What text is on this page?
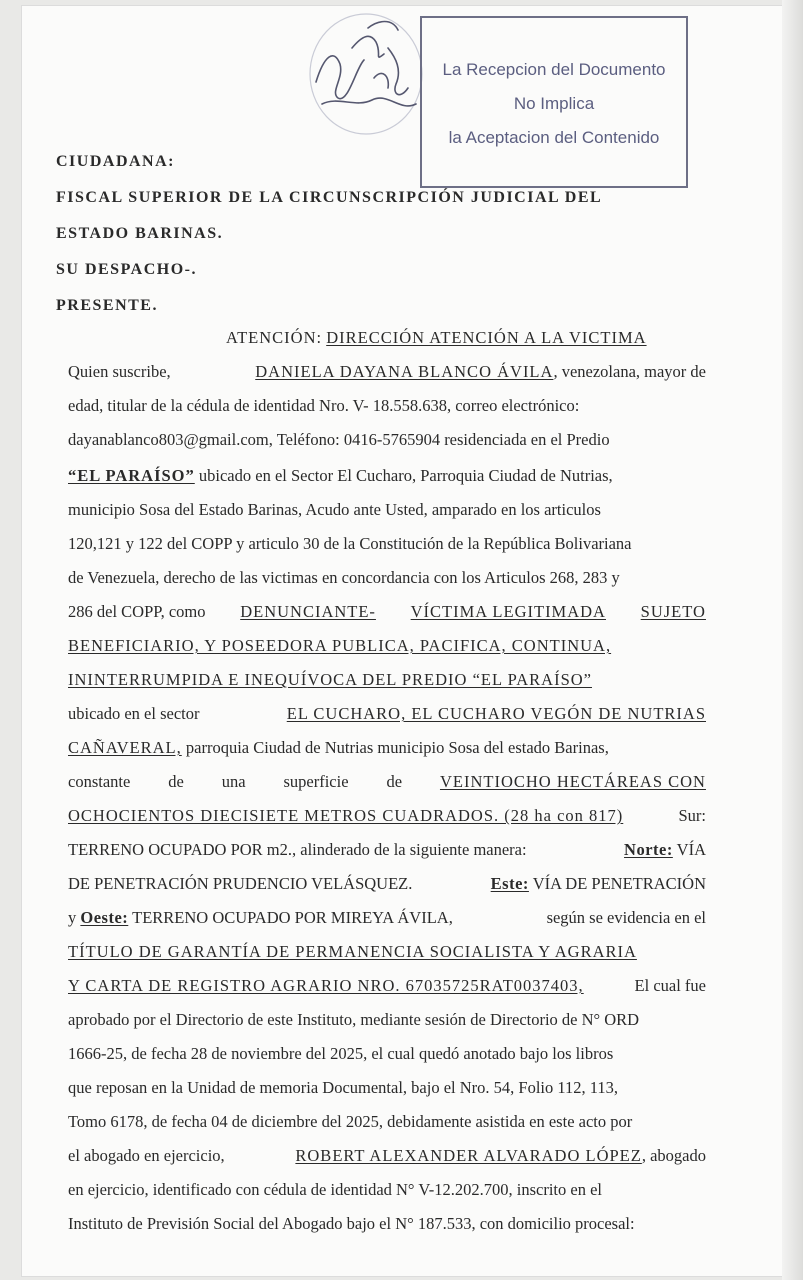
La Recepcion del Documento
No Implica
la Aceptacion del Contenido
CIUDADANA:
FISCAL SUPERIOR DE LA CIRCUNSCRIPCIÓN JUDICIAL DEL
ESTADO BARINAS.
SU DESPACHO-.
PRESENTE.
ATENCIÓN: DIRECCIÓN ATENCIÓN A LA VICTIMA
Quien suscribe,	DANIELA DAYANA BLANCO ÁVILA, venezolana, mayor de
edad, titular de la cédula de identidad Nro. V- 18.558.638, correo electrónico:
dayanablanco803@gmail.com, Teléfono: 0416-5765904 residenciada en el Predio
“EL PARAÍSO” ubicado en el Sector El Cucharo, Parroquia Ciudad de Nutrias,
municipio Sosa del Estado Barinas, Acudo ante Usted, amparado en los articulos
120,121 y 122 del COPP y articulo 30 de la Constitución de la República Bolivariana
de Venezuela, derecho de las victimas en concordancia con los Articulos 268, 283 y
286 del COPP, como DENUNCIANTE- VÍCTIMA LEGITIMADA SUJETO
BENEFICIARIO, Y POSEEDORA PUBLICA, PACIFICA, CONTINUA,
ININTERRUMPIDA E INEQUÍVOCA DEL PREDIO “EL PARAÍSO”
ubicado en el sector	EL CUCHARO, EL CUCHARO VEGÓN DE NUTRIAS
CAÑAVERAL, parroquia Ciudad de Nutrias municipio Sosa del estado Barinas,
constante de una superficie de VEINTIOCHO HECTÁREAS CON
OCHOCIENTOS DIECISIETE METROS CUADRADOS. (28 ha con 817)	Sur:
TERRENO OCUPADO POR m2., alinderado de la siguiente manera:	Norte: VÍA
DE PENETRACIÓN PRUDENCIO VELÁSQUEZ.	Este: VÍA DE PENETRACIÓN
y Oeste: TERRENO OCUPADO POR MIREYA ÁVILA,	según se evidencia en el
TÍTULO DE GARANTÍA DE PERMANENCIA SOCIALISTA Y AGRARIA
Y CARTA DE REGISTRO AGRARIO NRO. 67035725RAT0037403,	El cual fue
aprobado por el Directorio de este Instituto, mediante sesión de Directorio de N° ORD
1666-25, de fecha 28 de noviembre del 2025, el cual quedó anotado bajo los libros
que reposan en la Unidad de memoria Documental, bajo el Nro. 54, Folio 112, 113,
Tomo 6178, de fecha 04 de diciembre del 2025, debidamente asistida en este acto por
el abogado en ejercicio,	ROBERT ALEXANDER ALVARADO LÓPEZ, abogado
en ejercicio, identificado con cédula de identidad N° V-12.202.700, inscrito en el
Instituto de Previsión Social del Abogado bajo el N° 187.533, con domicilio procesal:
